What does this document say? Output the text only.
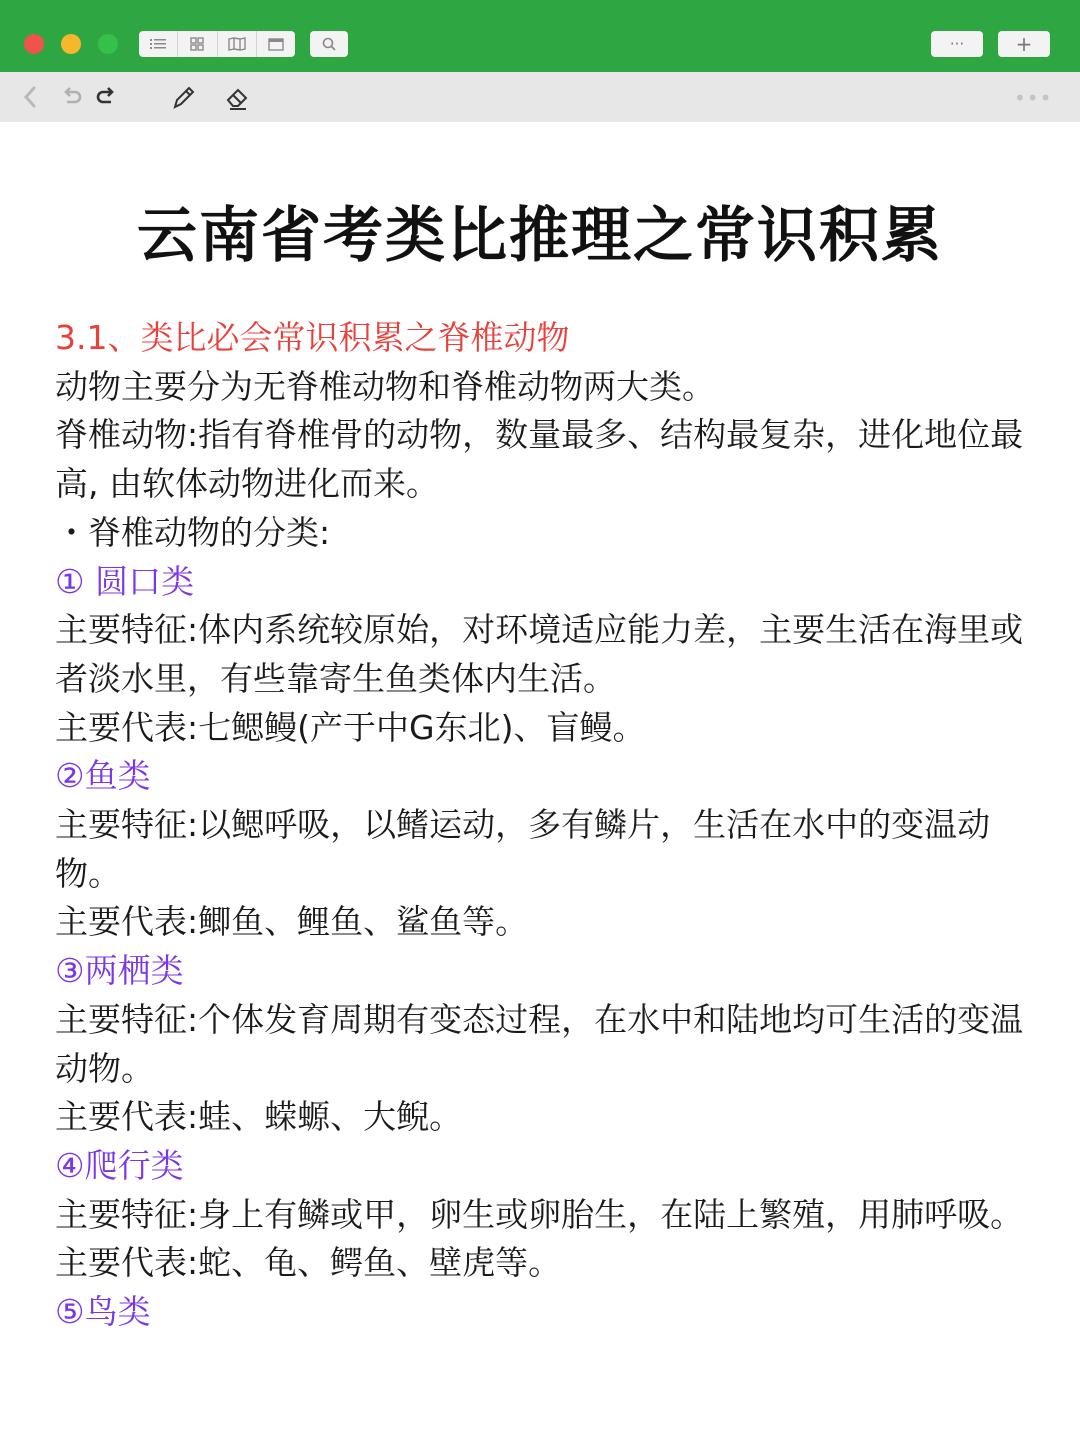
···	+
•••
云南省考类比推理之常识积累

3.1、类比必会常识积累之脊椎动物

动物主要分为无脊椎动物和脊椎动物两大类。

脊椎动物:指有脊椎骨的动物，数量最多、结构最复杂，进化地位最高, 由软体动物进化而来。

・脊椎动物的分类:

① 圆口类

主要特征:体内系统较原始，对环境适应能力差，主要生活在海里或者淡水里，有些靠寄生鱼类体内生活。

主要代表:七鳃鳗(产于中G东北)、盲鳗。

②鱼类

主要特征:以鳃呼吸，以鳍运动，多有鳞片，生活在水中的变温动物。

主要代表:鲫鱼、鲤鱼、鲨鱼等。

③两栖类

主要特征:个体发育周期有变态过程，在水中和陆地均可生活的变温动物。

主要代表:蛙、蝾螈、大鲵。

④爬行类

主要特征:身上有鳞或甲，卵生或卵胎生，在陆上繁殖，用肺呼吸。

主要代表:蛇、龟、鳄鱼、壁虎等。

⑤鸟类
